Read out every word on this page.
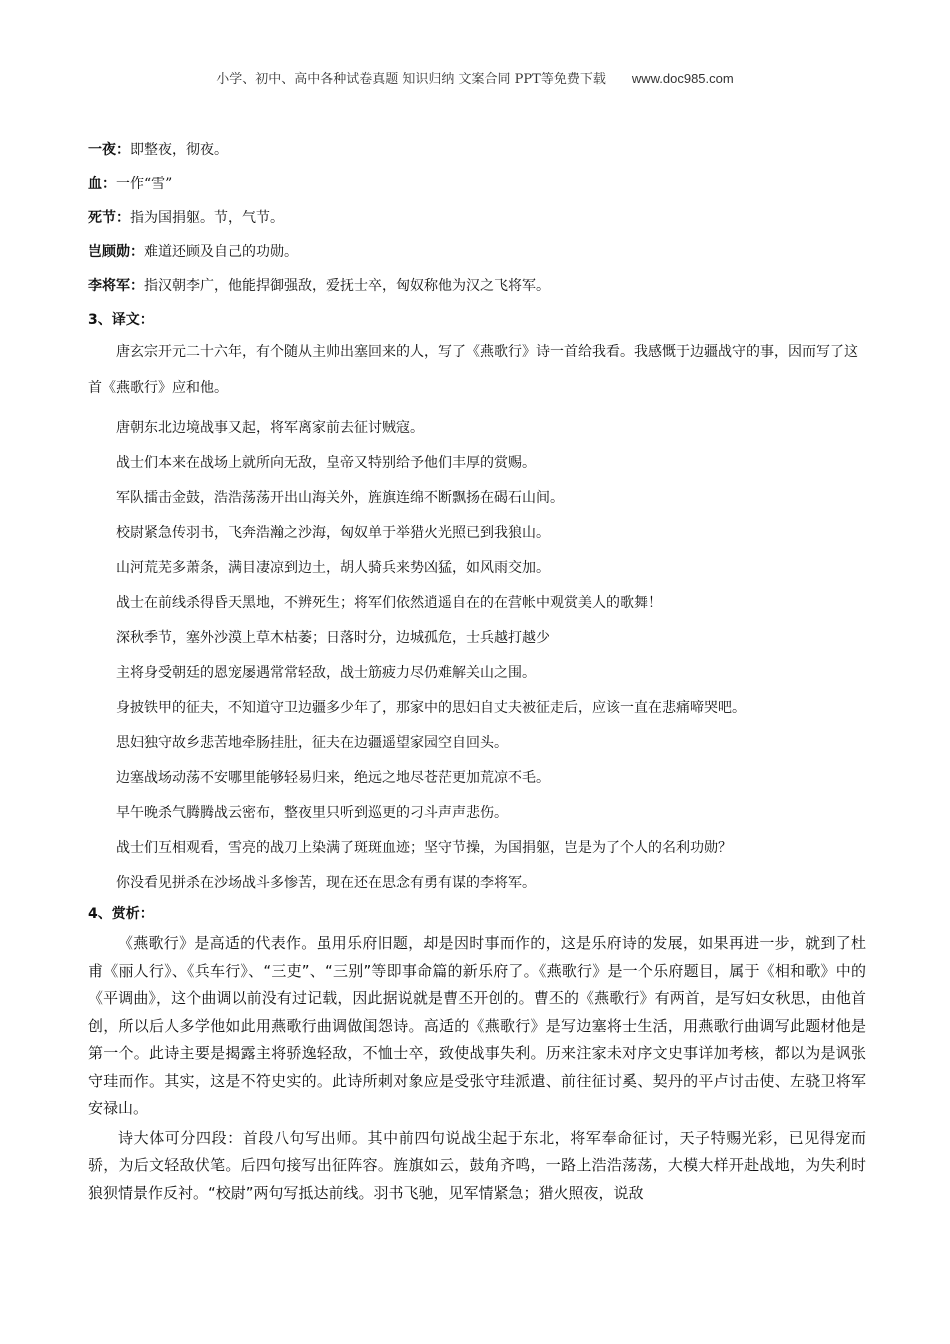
小学、初中、高中各种试卷真题 知识归纳 文案合同 PPT等免费下载 www.doc985.com

一夜：即整夜，彻夜。

血：一作“雪”

死节：指为国捐躯。节，气节。

岂顾勋：难道还顾及自己的功勋。

李将军：指汉朝李广，他能捍御强敌，爱抚士卒，匈奴称他为汉之飞将军。

3、译文：

唐玄宗开元二十六年，有个随从主帅出塞回来的人，写了《燕歌行》诗一首给我看。我感慨于边疆战守的事，因而写了这首《燕歌行》应和他。

唐朝东北边境战事又起，将军离家前去征讨贼寇。

战士们本来在战场上就所向无敌，皇帝又特别给予他们丰厚的赏赐。

军队擂击金鼓，浩浩荡荡开出山海关外，旌旗连绵不断飘扬在碣石山间。

校尉紧急传羽书，飞奔浩瀚之沙海，匈奴单于举猎火光照已到我狼山。

山河荒芜多萧条，满目凄凉到边土，胡人骑兵来势凶猛，如风雨交加。

战士在前线杀得昏天黑地，不辨死生；将军们依然逍遥自在的在营帐中观赏美人的歌舞！

深秋季节，塞外沙漠上草木枯萎；日落时分，边城孤危，士兵越打越少

主将身受朝廷的恩宠屡遇常常轻敌，战士筋疲力尽仍难解关山之围。

身披铁甲的征夫，不知道守卫边疆多少年了，那家中的思妇自丈夫被征走后，应该一直在悲痛啼哭吧。

思妇独守故乡悲苦地牵肠挂肚，征夫在边疆遥望家园空自回头。

边塞战场动荡不安哪里能够轻易归来，绝远之地尽苍茫更加荒凉不毛。

早午晚杀气腾腾战云密布，整夜里只听到巡更的刁斗声声悲伤。

战士们互相观看，雪亮的战刀上染满了斑斑血迹；坚守节操，为国捐躯，岂是为了个人的名利功勋？

你没看见拼杀在沙场战斗多惨苦，现在还在思念有勇有谋的李将军。

4、赏析：

《燕歌行》是高适的代表作。虽用乐府旧题，却是因时事而作的，这是乐府诗的发展，如果再进一步，就到了杜甫《丽人行》、《兵车行》、“三吏”、“三别”等即事命篇的新乐府了。《燕歌行》是一个乐府题目，属于《相和歌》中的《平调曲》，这个曲调以前没有过记载，因此据说就是曹丕开创的。曹丕的《燕歌行》有两首，是写妇女秋思，由他首创，所以后人多学他如此用燕歌行曲调做闺怨诗。高适的《燕歌行》是写边塞将士生活，用燕歌行曲调写此题材他是第一个。此诗主要是揭露主将骄逸轻敌，不恤士卒，致使战事失利。历来注家未对序文史事详加考核，都以为是讽张守珪而作。其实，这是不符史实的。此诗所刺对象应是受张守珪派遣、前往征讨奚、契丹的平卢讨击使、左骁卫将军安禄山。

诗大体可分四段：首段八句写出师。其中前四句说战尘起于东北，将军奉命征讨，天子特赐光彩，已见得宠而骄，为后文轻敌伏笔。后四句接写出征阵容。旌旗如云，鼓角齐鸣，一路上浩浩荡荡，大模大样开赴战地，为失利时狼狈情景作反衬。“校尉”两句写抵达前线。羽书飞驰，见军情紧急；猎火照夜，说敌
